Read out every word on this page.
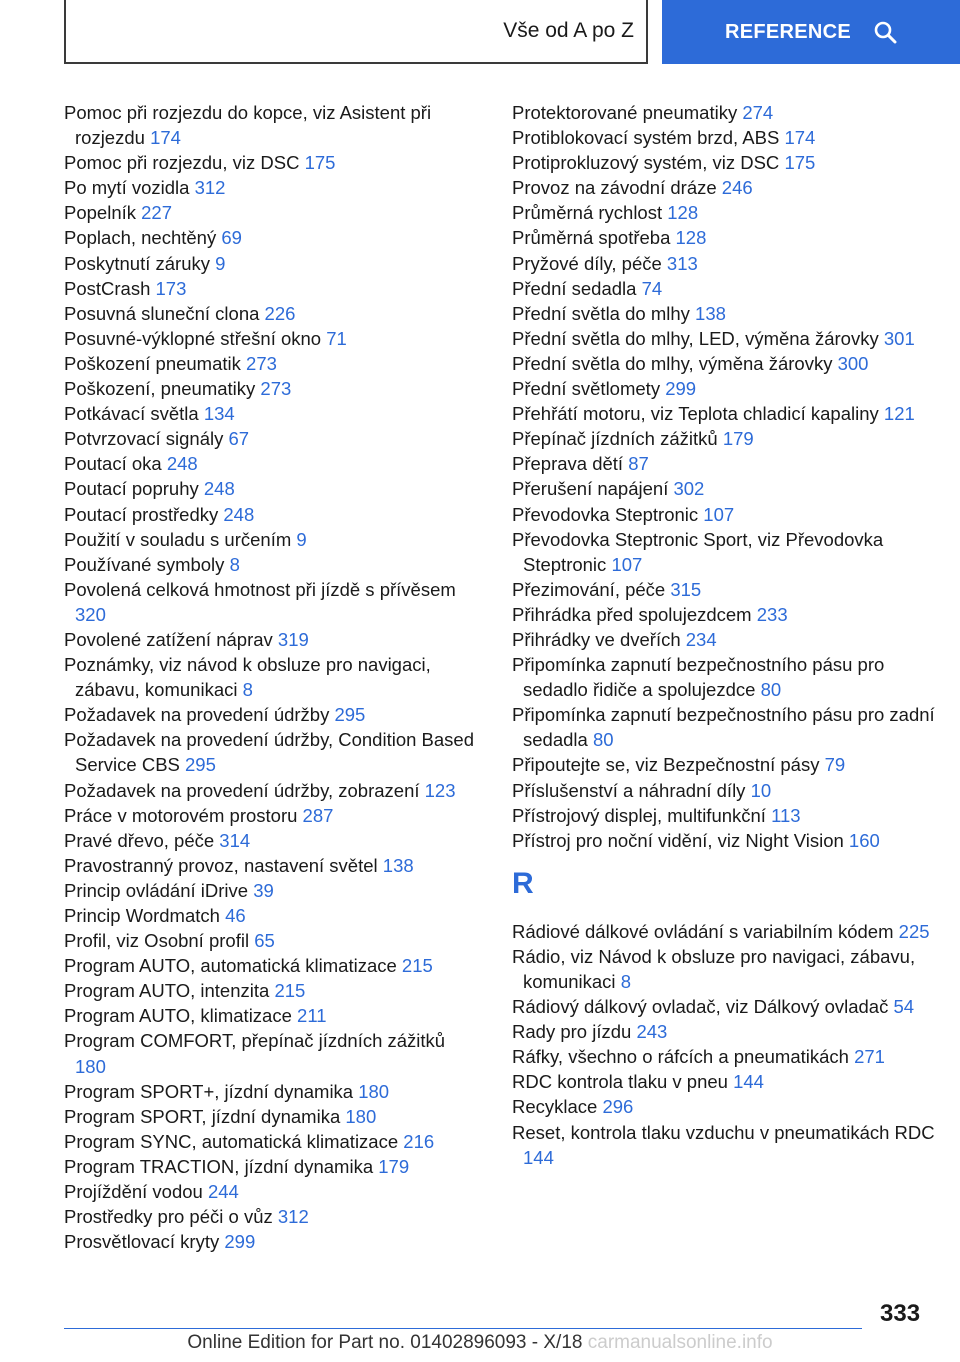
Vše od A po Z	REFERENCE

Pomoc při rozjezdu do kopce, viz Asistent při rozjezdu 174

Pomoc při rozjezdu, viz DSC 175

Po mytí vozidla 312

Popelník 227

Poplach, nechtěný 69

Poskytnutí záruky 9

PostCrash 173

Posuvná sluneční clona 226

Posuvné-výklopné střešní okno 71

Poškození pneumatik 273

Poškození, pneumatiky 273

Potkávací světla 134

Potvrzovací signály 67

Poutací oka 248

Poutací popruhy 248

Poutací prostředky 248

Použití v souladu s určením 9

Používané symboly 8

Povolená celková hmotnost při jízdě s přívěsem 320

Povolené zatížení náprav 319

Poznámky, viz návod k obsluze pro navigaci, zábavu, komunikaci 8

Požadavek na provedení údržby 295

Požadavek na provedení údržby, Condition Based Service CBS 295

Požadavek na provedení údržby, zobrazení 123

Práce v motorovém prostoru 287

Pravé dřevo, péče 314

Pravostranný provoz, nastavení světel 138

Princip ovládání iDrive 39

Princip Wordmatch 46

Profil, viz Osobní profil 65

Program AUTO, automatická klimatizace 215

Program AUTO, intenzita 215

Program AUTO, klimatizace 211

Program COMFORT, přepínač jízdních zážitků 180

Program SPORT+, jízdní dynamika 180

Program SPORT, jízdní dynamika 180

Program SYNC, automatická klimatizace 216

Program TRACTION, jízdní dynamika 179

Projíždění vodou 244

Prostředky pro péči o vůz 312

Prosvětlovací kryty 299

Protektorované pneumatiky 274

Protiblokovací systém brzd, ABS 174

Protiprokluzový systém, viz DSC 175

Provoz na závodní dráze 246

Průměrná rychlost 128

Průměrná spotřeba 128

Pryžové díly, péče 313

Přední sedadla 74

Přední světla do mlhy 138

Přední světla do mlhy, LED, výměna žárovky 301

Přední světla do mlhy, výměna žárovky 300

Přední světlomety 299

Přehřátí motoru, viz Teplota chladicí kapaliny 121

Přepínač jízdních zážitků 179

Přeprava dětí 87

Přerušení napájení 302

Převodovka Steptronic 107

Převodovka Steptronic Sport, viz Převodovka Steptronic 107

Přezimování, péče 315

Přihrádka před spolujezdcem 233

Přihrádky ve dveřích 234

Připomínka zapnutí bezpečnostního pásu pro sedadlo řidiče a spolujezdce 80

Připomínka zapnutí bezpečnostního pásu pro zadní sedadla 80

Připoutejte se, viz Bezpečnostní pásy 79

Příslušenství a náhradní díly 10

Přístrojový displej, multifunkční 113

Přístroj pro noční vidění, viz Night Vision 160

R

Rádiové dálkové ovládání s variabilním kódem 225

Rádio, viz Návod k obsluze pro navigaci, zábavu, komunikaci 8

Rádiový dálkový ovladač, viz Dálkový ovladač 54

Rady pro jízdu 243

Ráfky, všechno o ráfcích a pneumatikách 271

RDC kontrola tlaku v pneu 144

Recyklace 296

Reset, kontrola tlaku vzduchu v pneumatikách RDC 144

333
Online Edition for Part no. 01402896093 - X/18 carmanualsonline.info
